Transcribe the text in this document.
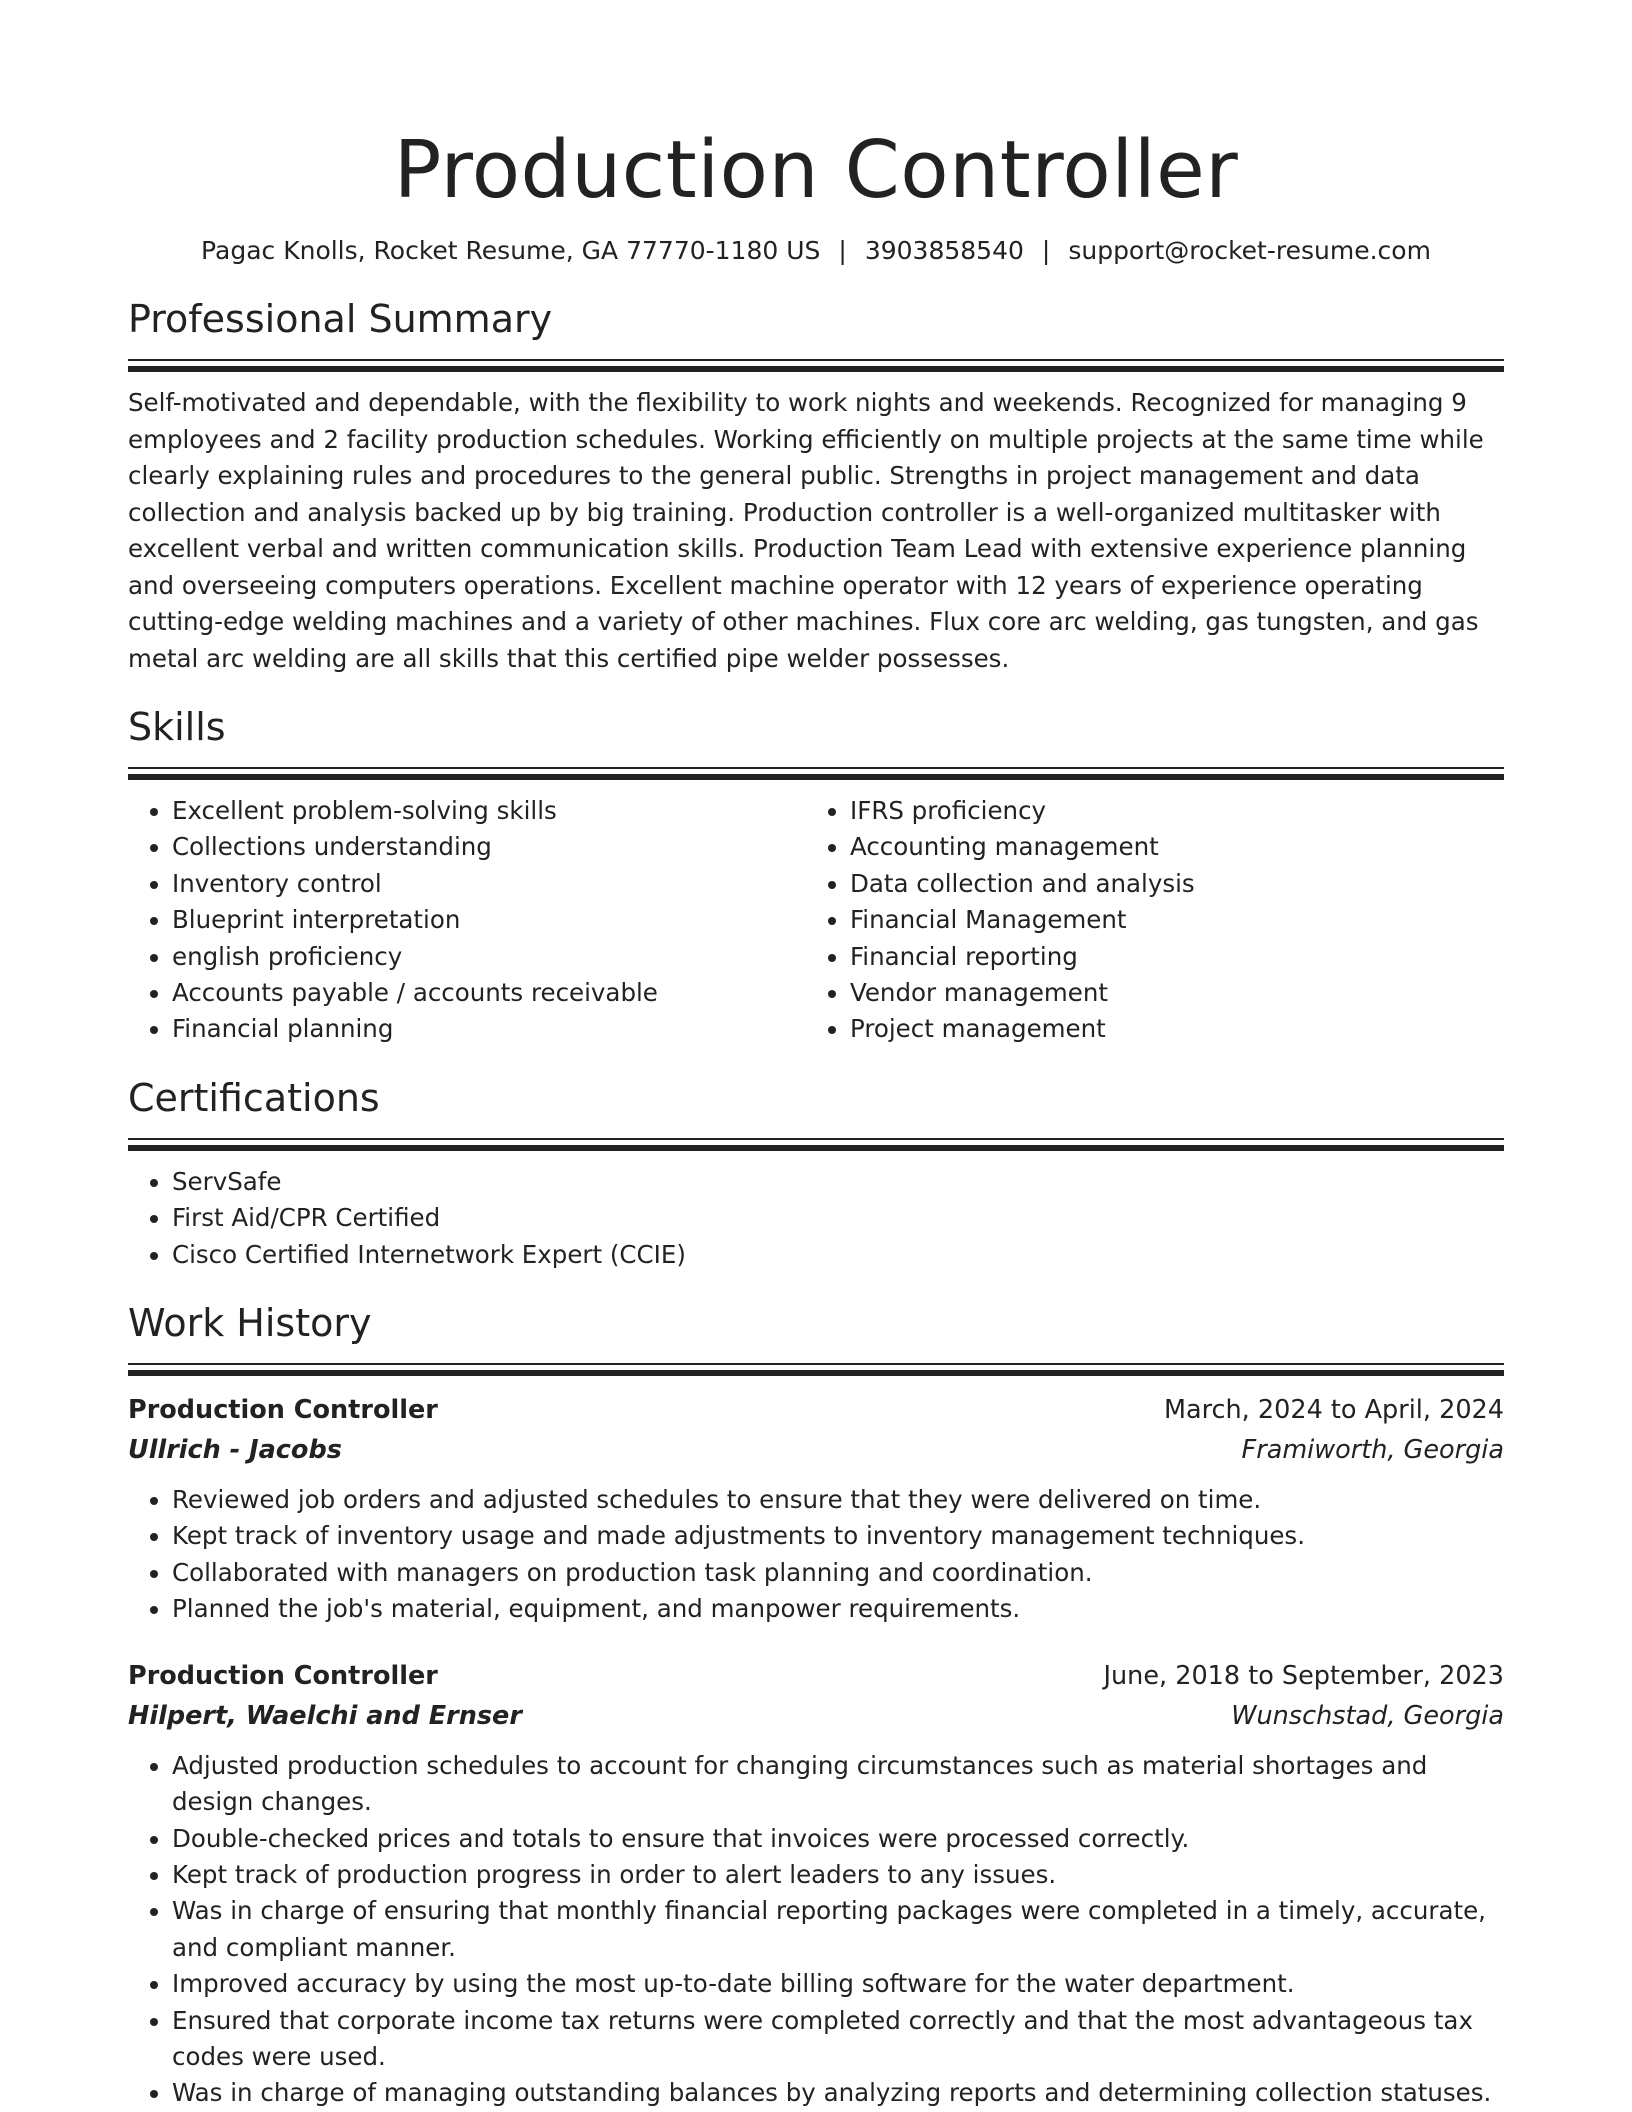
Production Controller
Pagac Knolls, Rocket Resume, GA 77770-1180 US | 3903858540 | support@rocket-resume.com
Professional Summary

Self-motivated and dependable, with the flexibility to work nights and weekends. Recognized for managing 9 employees and 2 facility production schedules. Working efficiently on multiple projects at the same time while clearly explaining rules and procedures to the general public. Strengths in project management and data collection and analysis backed up by big training. Production controller is a well-organized multitasker with excellent verbal and written communication skills. Production Team Lead with extensive experience planning and overseeing computers operations. Excellent machine operator with 12 years of experience operating cutting-edge welding machines and a variety of other machines. Flux core arc welding, gas tungsten, and gas metal arc welding are all skills that this certified pipe welder possesses.

Skills
• Excellent problem-solving skills
• Collections understanding
• Inventory control
• Blueprint interpretation
• english proficiency
• Accounts payable / accounts receivable
• Financial planning
• IFRS proficiency
• Accounting management
• Data collection and analysis
• Financial Management
• Financial reporting
• Vendor management
• Project management
Certifications
• ServSafe
• First Aid/CPR Certified
• Cisco Certified Internetwork Expert (CCIE)
Work History
Production Controller	March, 2024 to April, 2024
Ullrich - Jacobs	Framiworth, Georgia
• Reviewed job orders and adjusted schedules to ensure that they were delivered on time.
• Kept track of inventory usage and made adjustments to inventory management techniques.
• Collaborated with managers on production task planning and coordination.
• Planned the job's material, equipment, and manpower requirements.
Production Controller	June, 2018 to September, 2023
Hilpert, Waelchi and Ernser	Wunschstad, Georgia
• Adjusted production schedules to account for changing circumstances such as material shortages and design changes.
• Double-checked prices and totals to ensure that invoices were processed correctly.
• Kept track of production progress in order to alert leaders to any issues.
• Was in charge of ensuring that monthly financial reporting packages were completed in a timely, accurate, and compliant manner.
• Improved accuracy by using the most up-to-date billing software for the water department.
• Ensured that corporate income tax returns were completed correctly and that the most advantageous tax codes were used.
• Was in charge of managing outstanding balances by analyzing reports and determining collection statuses.
